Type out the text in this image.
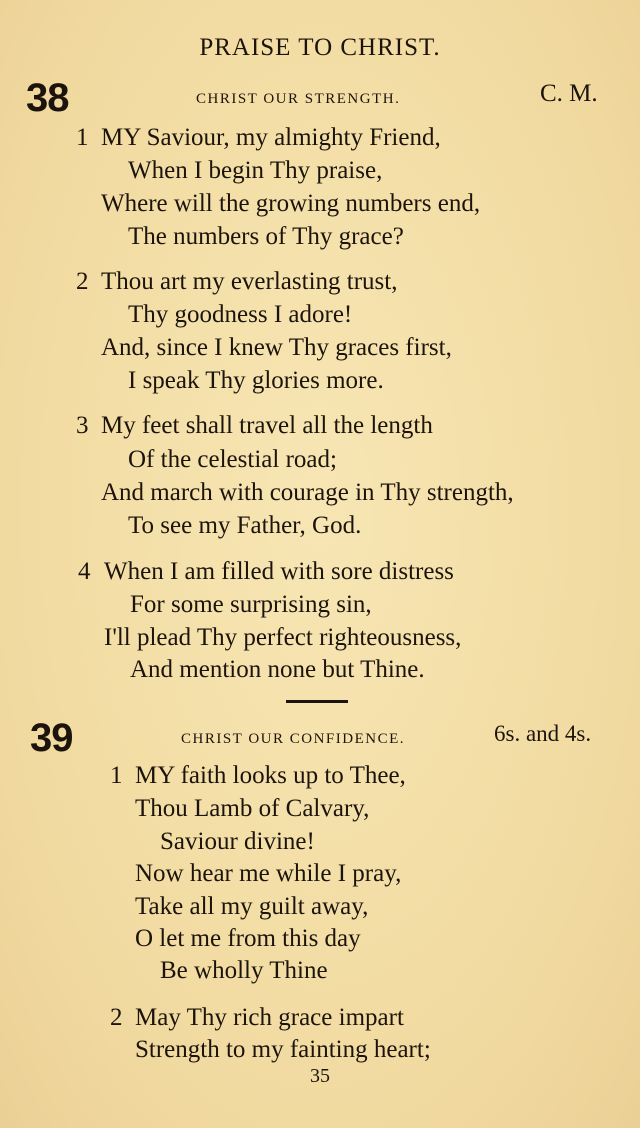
PRAISE TO CHRIST.
38	CHRIST OUR STRENGTH.	C. M.
1 MY Saviour, my almighty Friend,
When I begin Thy praise,
Where will the growing numbers end,
The numbers of Thy grace?
2 Thou art my everlasting trust,
Thy goodness I adore!
And, since I knew Thy graces first,
I speak Thy glories more.
3 My feet shall travel all the length
Of the celestial road;
And march with courage in Thy strength,
To see my Father, God.
4 When I am filled with sore distress
For some surprising sin,
I'll plead Thy perfect righteousness,
And mention none but Thine.
39	CHRIST OUR CONFIDENCE.	6s. and 4s.
1 MY faith looks up to Thee,
Thou Lamb of Calvary,
Saviour divine!
Now hear me while I pray,
Take all my guilt away,
O let me from this day
Be wholly Thine
2 May Thy rich grace impart
Strength to my fainting heart;
35
